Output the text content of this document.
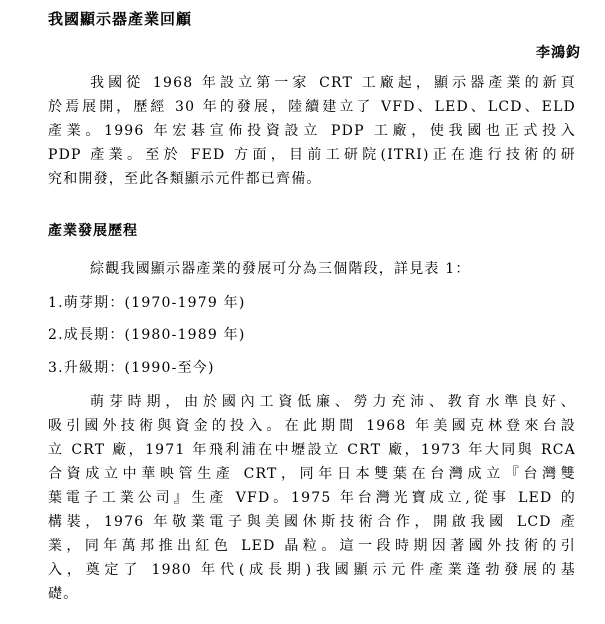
我國顯示器產業回顧
李鴻鈞
我國從 1968 年設立第一家 CRT 工廠起，顯示器產業的新頁
於焉展開，歷經 30 年的發展，陸續建立了 VFD、LED、LCD、ELD
產業。1996 年宏碁宣佈投資設立 PDP 工廠，使我國也正式投入
PDP 產業。至於 FED 方面，目前工研院(ITRI)正在進行技術的研
究和開發，至此各類顯示元件都已齊備。
產業發展歷程
綜觀我國顯示器產業的發展可分為三個階段，詳見表 1：
1.萌芽期：(1970-1979 年)
2.成長期：(1980-1989 年)
3.升級期：(1990-至今)
萌芽時期，由於國內工資低廉、勞力充沛、教育水準良好、
吸引國外技術與資金的投入。在此期間 1968 年美國克林登來台設
立 CRT 廠，1971 年飛利浦在中壢設立 CRT 廠，1973 年大同與 RCA
合資成立中華映管生產 CRT，同年日本雙葉在台灣成立『台灣雙
葉電子工業公司』生產 VFD。1975 年台灣光寶成立,從事 LED 的
構裝，1976 年敬業電子與美國休斯技術合作，開啟我國 LCD 產
業，同年萬邦推出紅色 LED 晶粒。這一段時期因著國外技術的引
入，奠定了 1980 年代(成長期)我國顯示元件產業蓬勃發展的基
礎。
